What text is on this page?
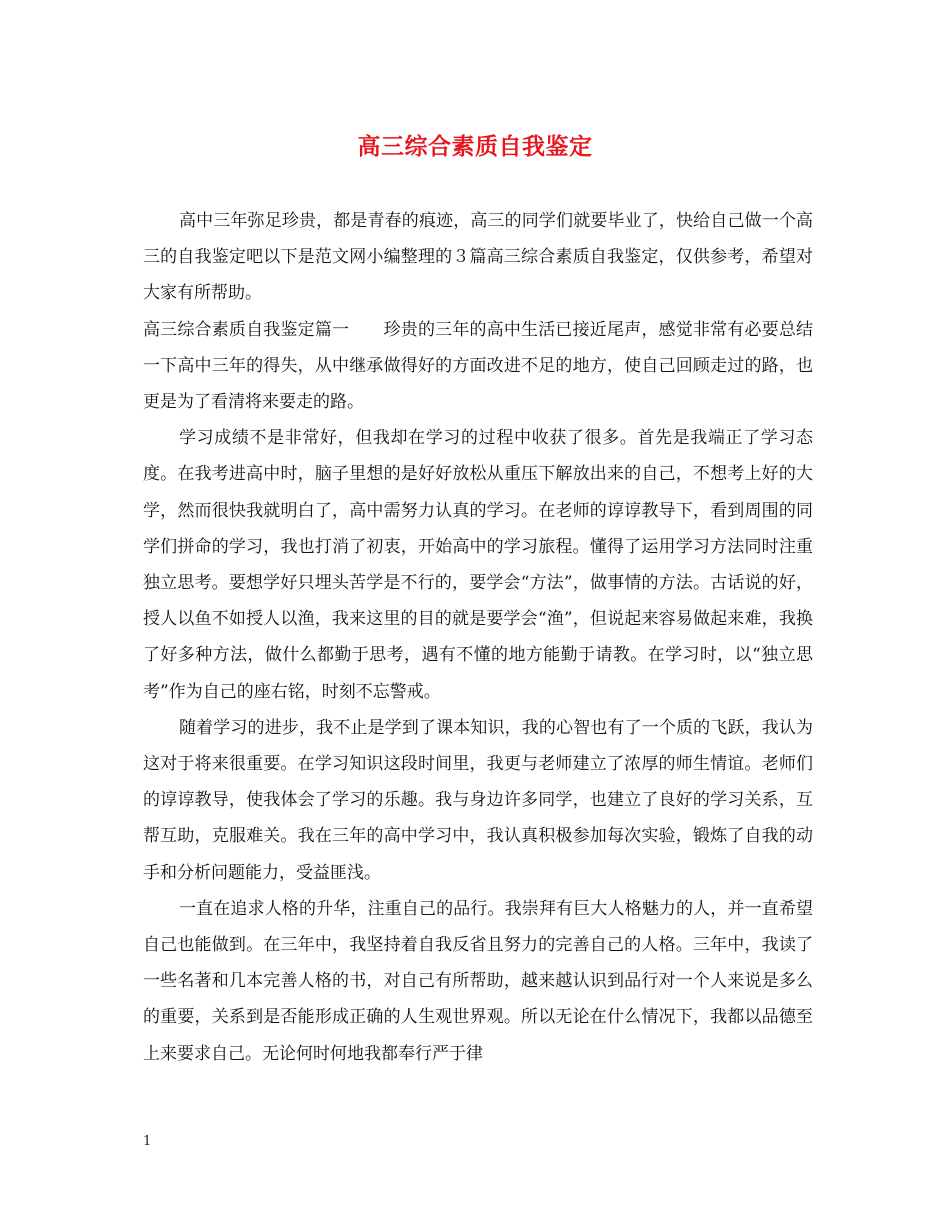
高三综合素质自我鉴定

高中三年弥足珍贵，都是青春的痕迹，高三的同学们就要毕业了，快给自己做一个高三的自我鉴定吧以下是范文网小编整理的３篇高三综合素质自我鉴定，仅供参考，希望对大家有所帮助。

高三综合素质自我鉴定篇一　　珍贵的三年的高中生活已接近尾声，感觉非常有必要总结一下高中三年的得失，从中继承做得好的方面改进不足的地方，使自己回顾走过的路，也更是为了看清将来要走的路。

学习成绩不是非常好，但我却在学习的过程中收获了很多。首先是我端正了学习态度。在我考进高中时，脑子里想的是好好放松从重压下解放出来的自己，不想考上好的大学，然而很快我就明白了，高中需努力认真的学习。在老师的谆谆教导下，看到周围的同学们拼命的学习，我也打消了初衷，开始高中的学习旅程。懂得了运用学习方法同时注重独立思考。要想学好只埋头苦学是不行的，要学会“方法”，做事情的方法。古话说的好，授人以鱼不如授人以渔，我来这里的目的就是要学会“渔”，但说起来容易做起来难，我换了好多种方法，做什么都勤于思考，遇有不懂的地方能勤于请教。在学习时，以“独立思考”作为自己的座右铭，时刻不忘警戒。

随着学习的进步，我不止是学到了课本知识，我的心智也有了一个质的飞跃，我认为这对于将来很重要。在学习知识这段时间里，我更与老师建立了浓厚的师生情谊。老师们的谆谆教导，使我体会了学习的乐趣。我与身边许多同学，也建立了良好的学习关系，互帮互助，克服难关。我在三年的高中学习中，我认真积极参加每次实验，锻炼了自我的动手和分析问题能力，受益匪浅。

一直在追求人格的升华，注重自己的品行。我崇拜有巨大人格魅力的人，并一直希望自己也能做到。在三年中，我坚持着自我反省且努力的完善自己的人格。三年中，我读了一些名著和几本完善人格的书，对自己有所帮助，越来越认识到品行对一个人来说是多么的重要，关系到是否能形成正确的人生观世界观。所以无论在什么情况下，我都以品德至上来要求自己。无论何时何地我都奉行严于律

1
